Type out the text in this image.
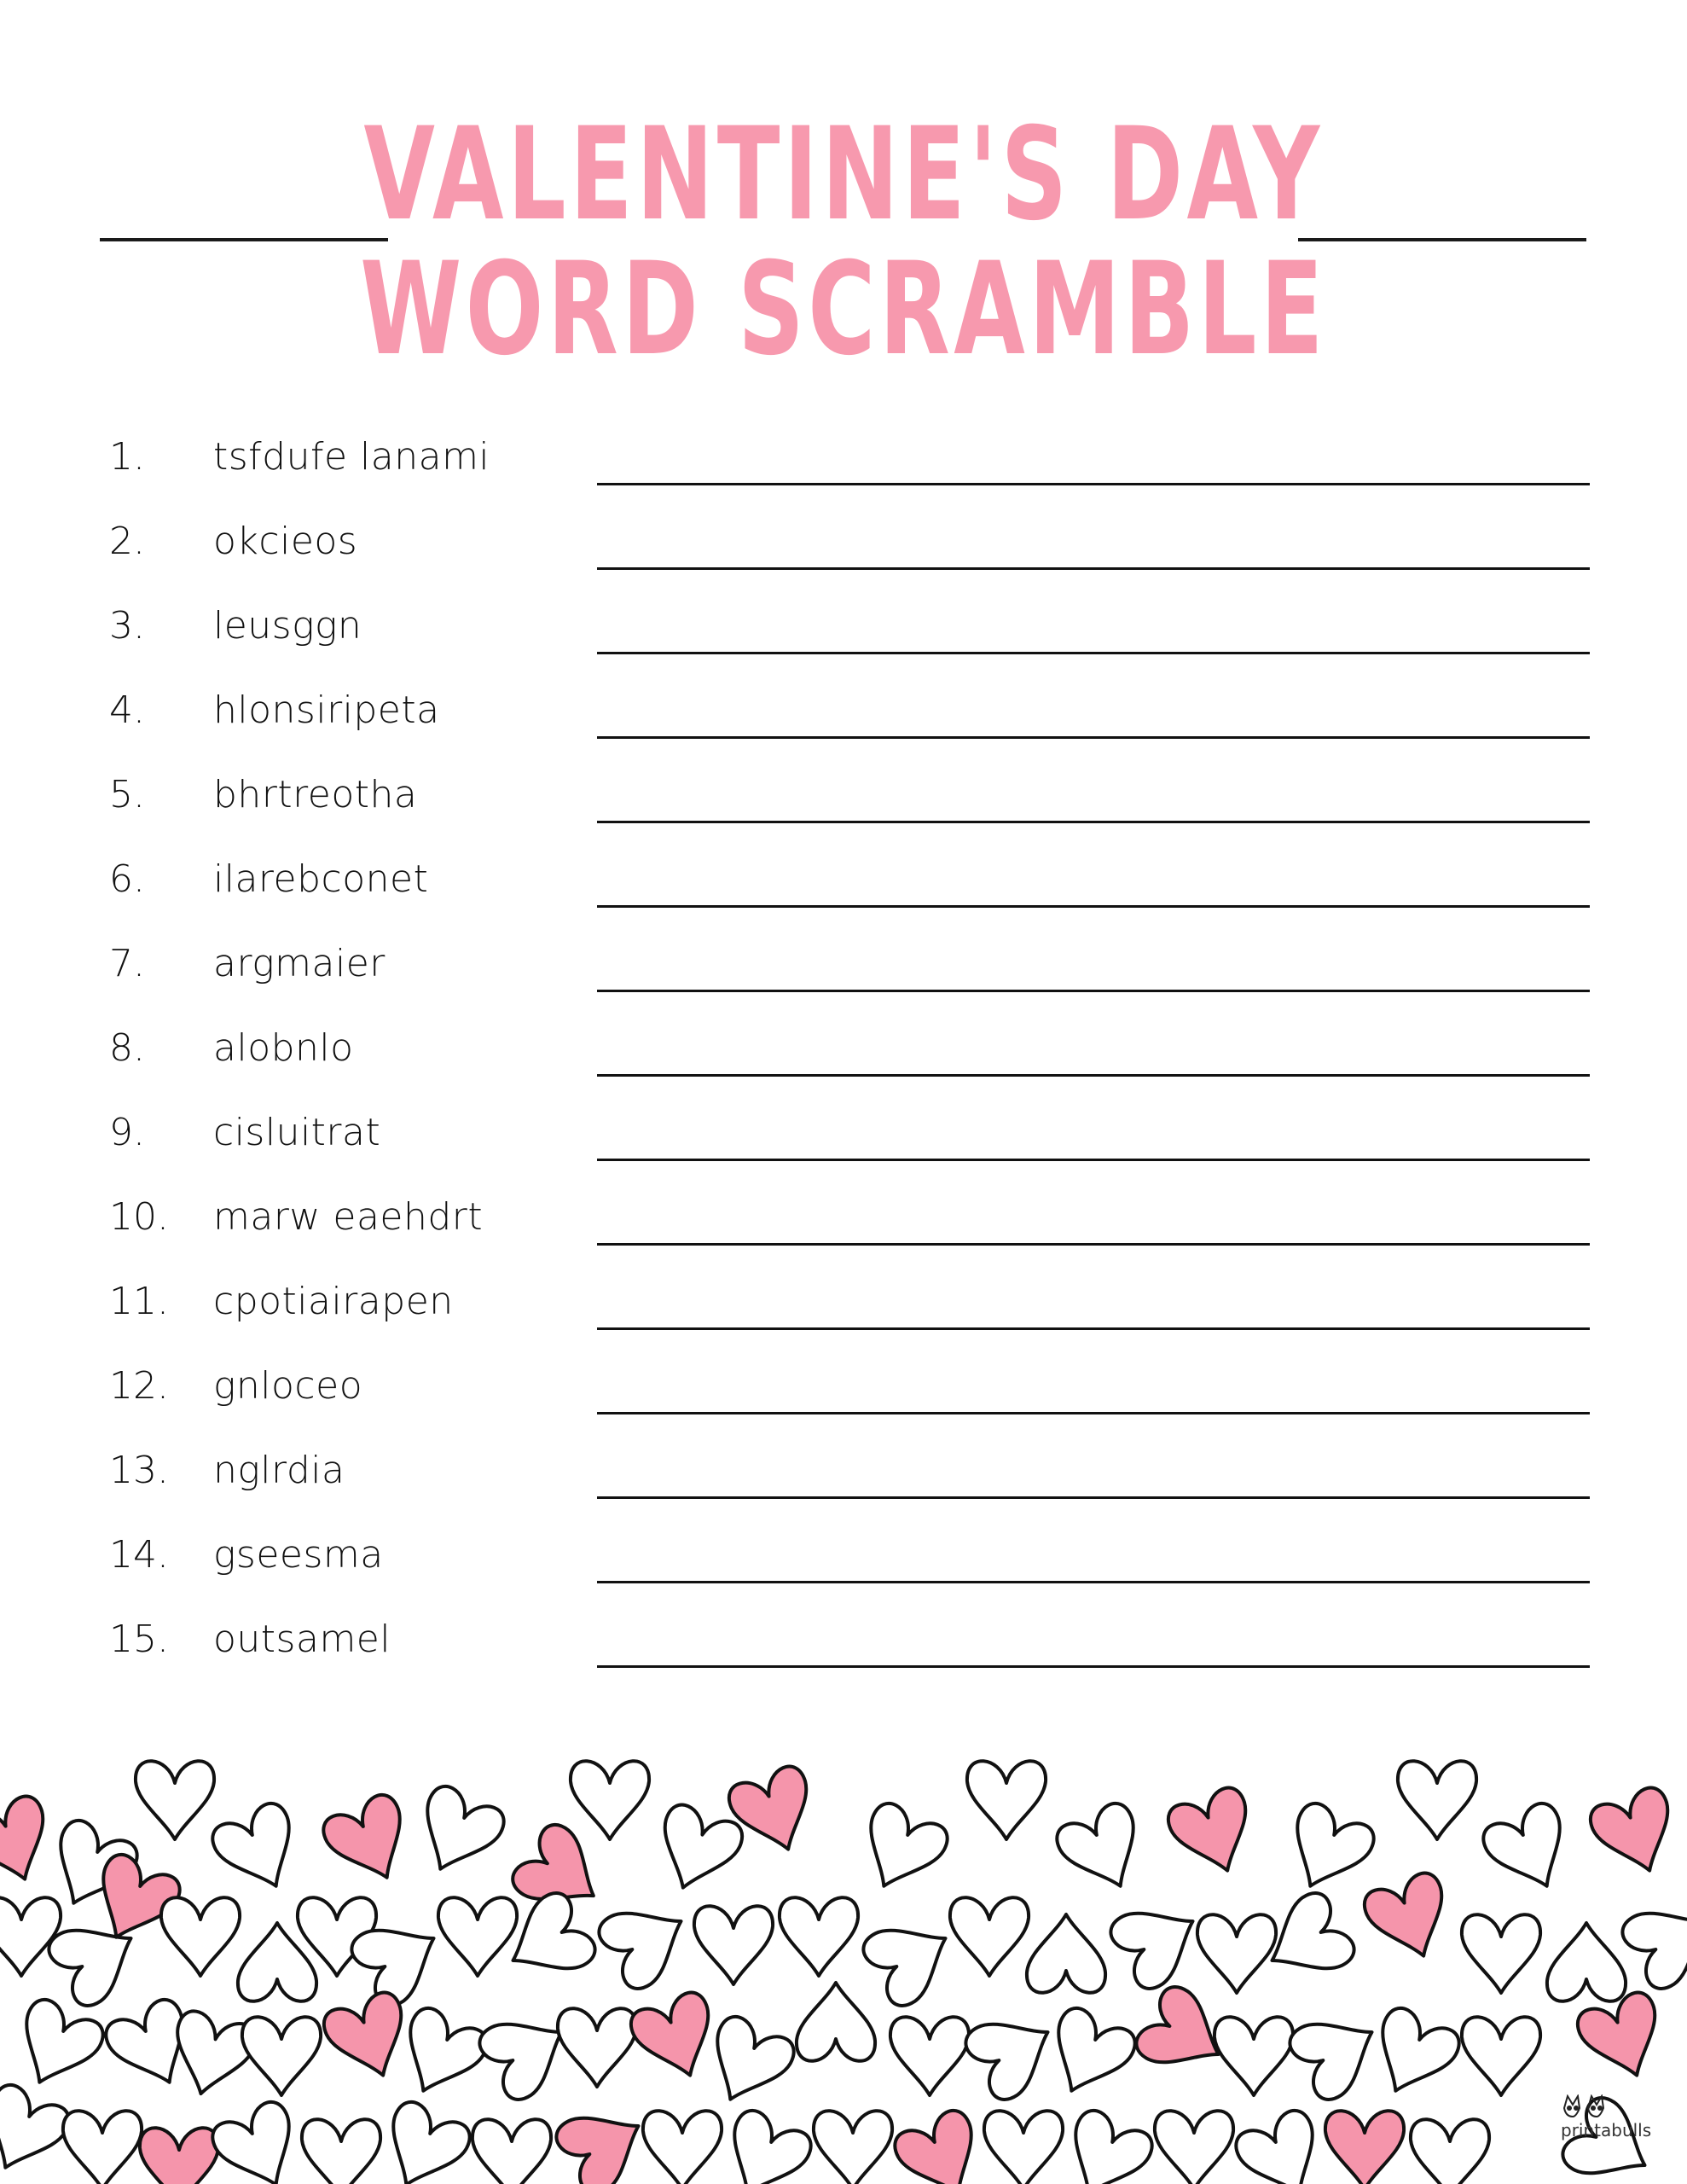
VALENTINE'S DAY
WORD SCRAMBLE
1. tsfdufe lanami
2. okcieos
3. leusggn
4. hlonsiripeta
5. bhrtreotha
6. ilarebconet
7. argmaier
8. alobnlo
9. cisluitrat
10. marw eaehdrt
11. cpotiairapen
12. gnloceo
13. nglrdia
14. gseesma
15. outsamel
printabulls
